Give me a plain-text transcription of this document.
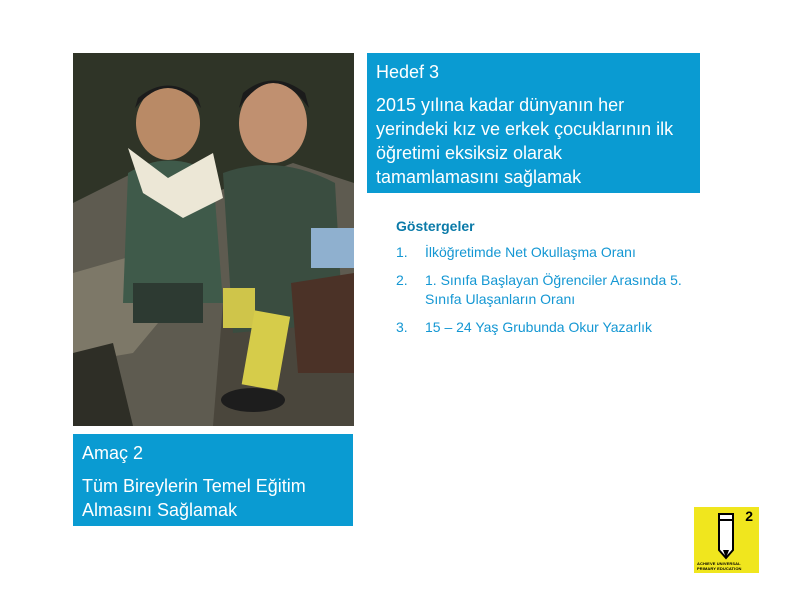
Hedef 3
2015 yılına kadar dünyanın her yerindeki kız ve erkek çocuklarının ilk öğretimi eksiksiz olarak tamamlamasını sağlamak
Göstergeler
1. İlköğretimde Net Okullaşma Oranı
2. 1. Sınıfa Başlayan Öğrenciler Arasında 5. Sınıfa Ulaşanların Oranı
3. 15 – 24 Yaş Grubunda Okur Yazarlık
Amaç 2
Tüm Bireylerin Temel Eğitim Almasını Sağlamak	2
ACHIEVE UNIVERSAL PRIMARY EDUCATION
